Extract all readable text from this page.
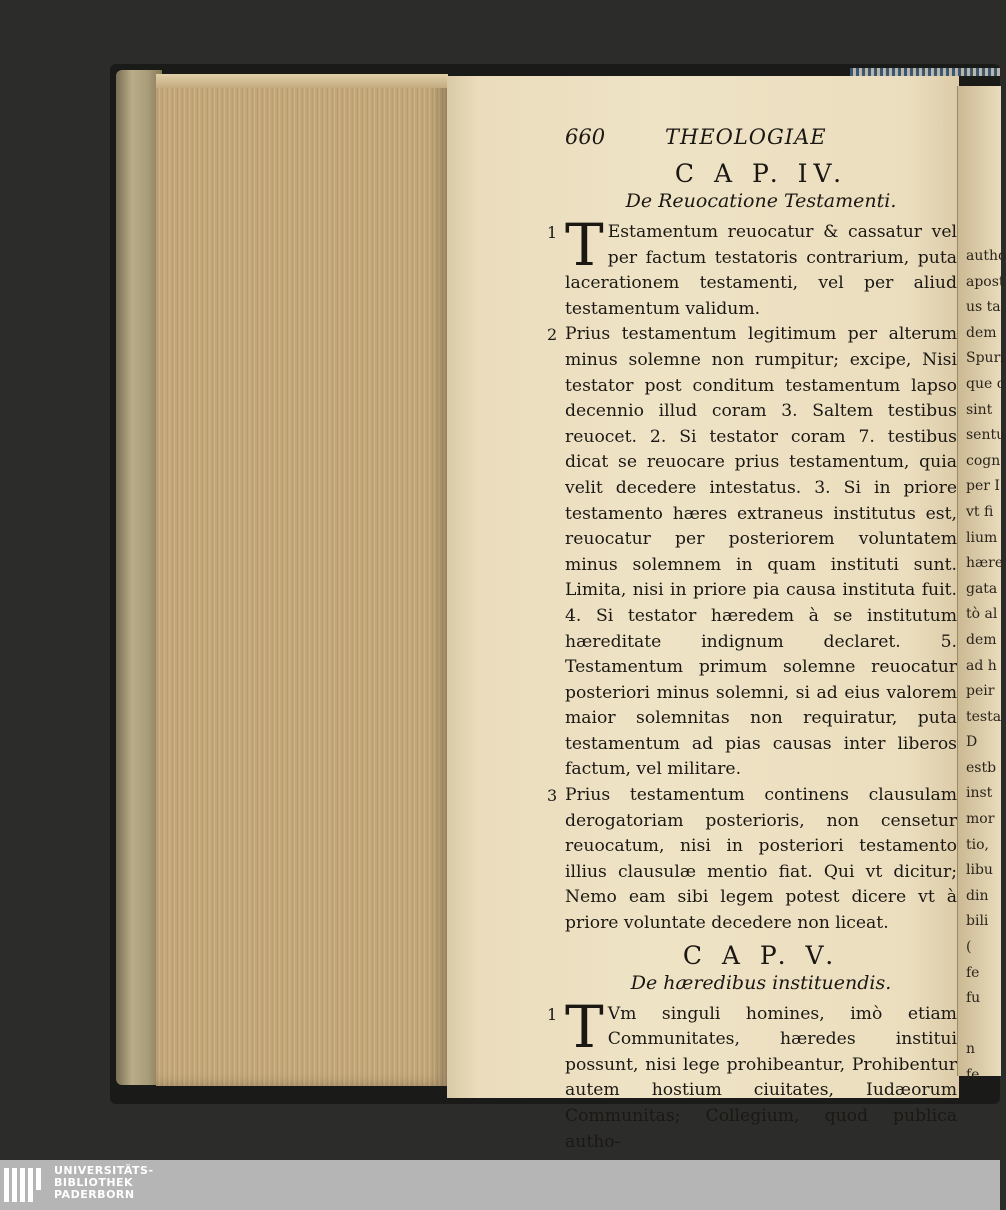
autho
apost
us ta
dem
Spuri
que c
sint
sentu
cogn
per I
vt fi
lium
hære
gata
tò al
dem
ad h
peir
testa
D
estb
inst
mor
tio,
libu
din
bili
(
fe
fu

n
fe
660	THEOLOGIAE
C A P. IV.
De Reuocatione Testamenti.
1 T Estamentum reuocatur & cassatur vel per factum testatoris contrarium, puta lacerationem testamenti, vel per aliud testamentum validum.
2 Prius testamentum legitimum per alterum minus solemne non rumpitur; excipe, Nisi testator post conditum testamentum lapso decennio illud coram 3. Saltem testibus reuocet. 2. Si testator coram 7. testibus dicat se reuocare prius testamentum, quia velit decedere intestatus. 3. Si in priore testamento hæres extraneus institutus est, reuocatur per posteriorem voluntatem minus solemnem in quam instituti sunt. Limita, nisi in priore pia causa instituta fuit. 4. Si testator hæredem à se institutum hæreditate indignum declaret. 5. Testamentum primum solemne reuocatur posteriori minus solemni, si ad eius valorem maior solemnitas non requiratur, puta testamentum ad pias causas inter liberos factum, vel militare.
3 Prius testamentum continens clausulam derogatoriam posterioris, non censetur reuocatum, nisi in posteriori testamento illius clausulæ mentio fiat. Qui vt dicitur; Nemo eam sibi legem potest dicere vt à priore voluntate decedere non liceat.
C A P. V.
De hæredibus instituendis.
1 T Vm singuli homines, imò etiam Communitates, hæredes institui possunt, nisi lege prohibeantur, Prohibentur autem hostium ciuitates, Iudæorum Communitas; Collegium, quod publica autho-
UNIVERSITÄTS-
BIBLIOTHEK
PADERBORN
